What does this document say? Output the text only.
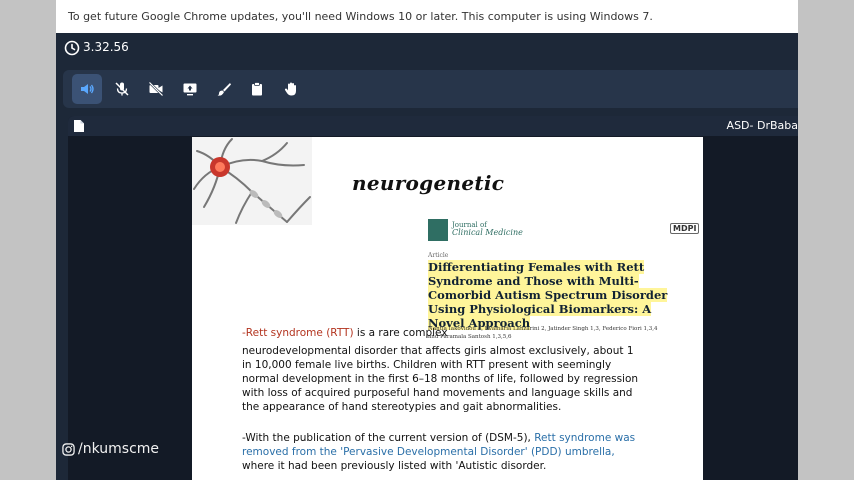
To get future Google Chrome updates, you'll need Windows 10 or later. This computer is using Windows 7.
3.32.56
ASD- DrBaba
neurogenetic
Journal of
Clinical Medicine	MDPI
Article
Differentiating Females with Rett Syndrome and Those with Multi-Comorbid Autism Spectrum Disorder Using Physiological Biomarkers: A Novel Approach
Nantia Iakovidou 1, Evamaria Lanzarini 2, Jatinder Singh 1,3, Federico Fiori 1,3,4 and Paramala Santosh 1,3,5,6
-Rett syndrome (RTT) is a rare complex
neurodevelopmental disorder that affects girls almost exclusively, about 1 in 10,000 female live births. Children with RTT present with seemingly normal development in the first 6–18 months of life, followed by regression with loss of acquired purposeful hand movements and language skills and the appearance of hand stereotypies and gait abnormalities.
-With the publication of the current version of (DSM-5), Rett syndrome was removed from the 'Pervasive Developmental Disorder' (PDD) umbrella, where it had been previously listed with 'Autistic disorder.
/nkumscme
